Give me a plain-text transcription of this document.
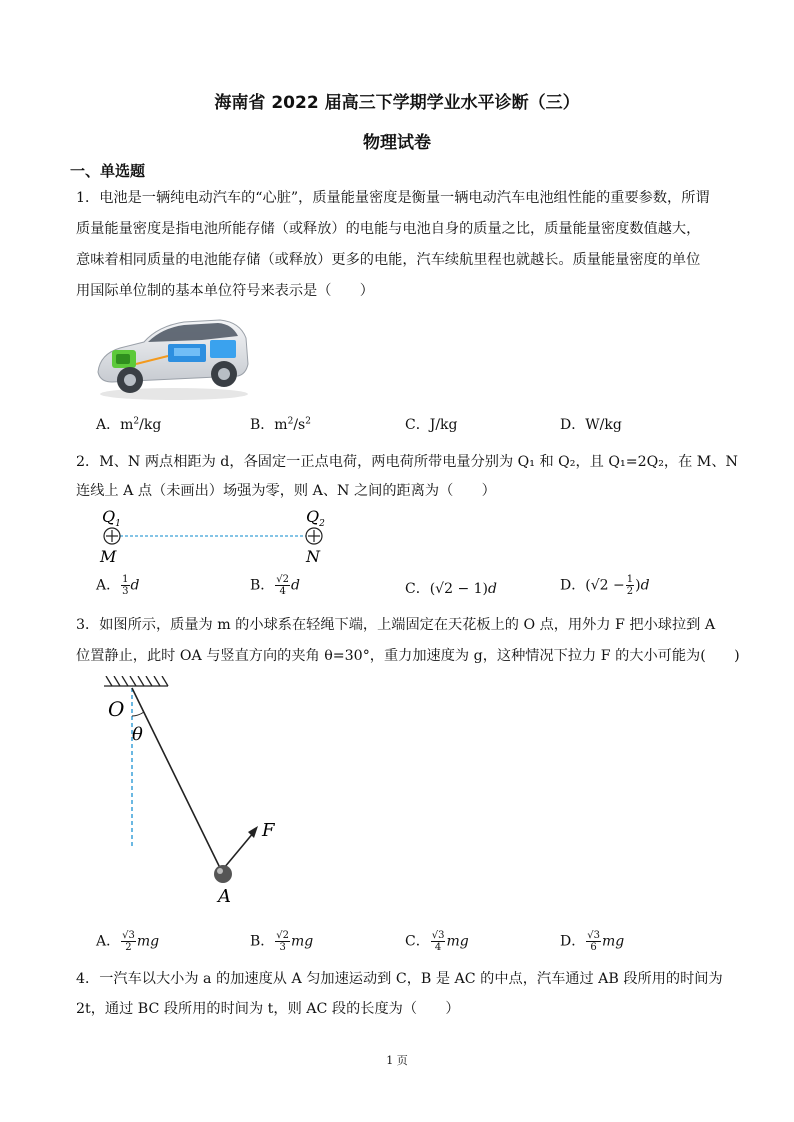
海南省 2022 届高三下学期学业水平诊断（三）
物理试卷
一、单选题
1．电池是一辆纯电动汽车的“心脏”，质量能量密度是衡量一辆电动汽车电池组性能的重要参数，所谓
质量能量密度是指电池所能存储（或释放）的电能与电池自身的质量之比，质量能量密度数值越大，
意味着相同质量的电池能存储（或释放）更多的电能，汽车续航里程也就越长。质量能量密度的单位
用国际单位制的基本单位符号来表示是（　　）
A．$m^2/kg$	B．$m^2/s^2$	C．J/kg	D．W/kg
2．M、N 两点相距为 d，各固定一正点电荷，两电荷所带电量分别为 Q₁ 和 Q₂，且 Q₁=2Q₂，在 M、N
连线上 A 点（未画出）场强为零，则 A、N 之间的距离为（　　）
$Q_1$	$Q_2$
M	N
A． $\frac{1}{3}$ d	B． $\frac{√2}{4}$ d	C．(√2 − 1)d	D．$(√2 - \frac{1}{2} )d$
3．如图所示，质量为 m 的小球系在轻绳下端，上端固定在天花板上的 O 点，用外力 F 把小球拉到 A
位置静止，此时 OA 与竖直方向的夹角 θ=30°，重力加速度为 g，这种情况下拉力 F 的大小可能为(　　)
O
θ
F
A
A． $\frac{√3}{2}$ mg	B． $\frac{√2}{3}$ mg	C． $\frac{√3}{4}$ mg	D． $\frac{√3}{6}$ mg
4．一汽车以大小为 a 的加速度从 A 匀加速运动到 C，B 是 AC 的中点，汽车通过 AB 段所用的时间为
2t，通过 BC 段所用的时间为 t，则 AC 段的长度为（　　）
1 页
